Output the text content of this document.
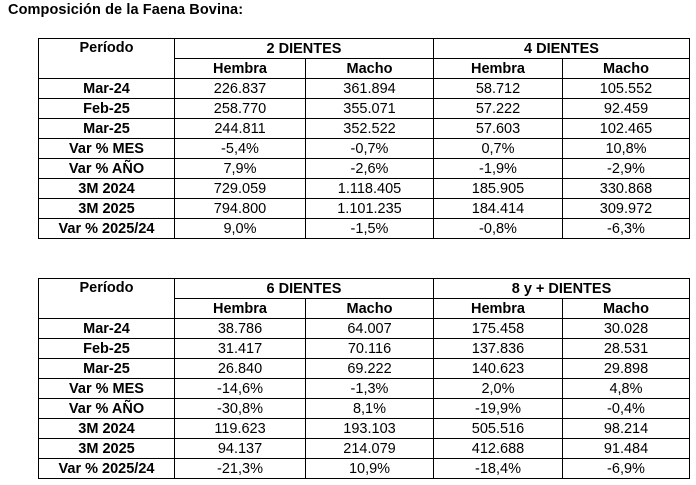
Composición de la Faena Bovina:
Período	2 DIENTES		4 DIENTES	
	Hembra	Macho	Hembra	Macho
Mar-24	226.837	361.894	58.712	105.552
Feb-25	258.770	355.071	57.222	92.459
Mar-25	244.811	352.522	57.603	102.465
Var % MES	-5,4%	-0,7%	0,7%	10,8%
Var % AÑO	7,9%	-2,6%	-1,9%	-2,9%
3M 2024	729.059	1.118.405	185.905	330.868
3M 2025	794.800	1.101.235	184.414	309.972
Var % 2025/24	9,0%	-1,5%	-0,8%	-6,3%
Período	6 DIENTES		8 y + DIENTES	
	Hembra	Macho	Hembra	Macho
Mar-24	38.786	64.007	175.458	30.028
Feb-25	31.417	70.116	137.836	28.531
Mar-25	26.840	69.222	140.623	29.898
Var % MES	-14,6%	-1,3%	2,0%	4,8%
Var % AÑO	-30,8%	8,1%	-19,9%	-0,4%
3M 2024	119.623	193.103	505.516	98.214
3M 2025	94.137	214.079	412.688	91.484
Var % 2025/24	-21,3%	10,9%	-18,4%	-6,9%
